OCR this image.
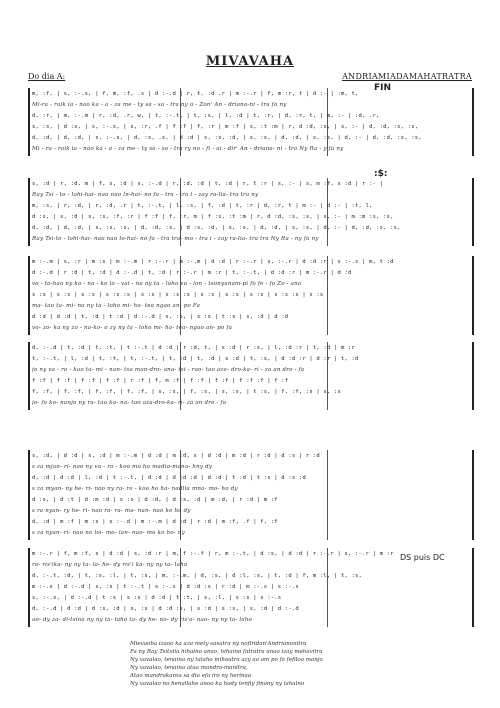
MIVAVAHA
Do dia A:	ANDRIAMIADAMAHATRATRA
FIN
:$:
DS puis DC
m, :f, | s, :-.s, | f, m, :f, .s | d :-.d | r, t, :d .r | m :-.r | f, m :r, t | d :- | :m, t,
Mi-ra - raik ia - nao ka - a - za me - ty sa - sa - tra ny o - Zon' An - driana-ni - tra fa ny
d, :r, | m, :-.m | r, :d, .r, w, | t, :-.t, | t, :s, | l, :d | t, :r, | d, :r, t, | m, :- | :d, .r,
s, :s, | d :s, | s, :-.s, | s, :r, .f | f :f | f, :r | m :f | s, :t :m | r, d :d, :s, | s, :- | d, :d, :s, :s,
d, :d, | d, :d, | s, :-.s, | d, :s, .s, | d :d | s, :s, :d, | s, :s, | d, :d, | s, :s, | d, :- | d, :d, :s, :s,
Mi - ra - raik ia - nao ka - a - za me - ty sa - sa - tra ry no - fi - ai - dir' An - driana- ni - tra Ny Ra - y fa ny
s, :d | r, :d, m | f, s, :d | s, :-.d | r, :d, :d | t, :d | r, t :r | s, :- | s, m :f, s :d | r :- |
Ray Tsi - to - lohi-hai- nao nao ln-hai- no fa - tra - tra i - zay ra-lia- tra tra ny
m, :s, | r, :d, | r, :d, .r | t, :-.t, | l, :s, | f, :d | t, :r | d, :r, t | m :- | d :- | :t, l,
d :s, | s, :d | s, :s, :f, :r | f :f | f, :r, m | f :s, :t :m | r, d :d, :s, :s, | s, :- | m :m :s, :s,
d, :d, | d, :d, | s, :s, :s, | d, :d, :s, | d :s, :d, | s, :s, | d, :d, | s, :s, | d, :- | d, :d, :s, :s,
Ray Tsi-to - lohi-hai- nao nao lo-hai- no fa - tra tra- mo - tra i - zay ra-lia- tra tra Ny Ra - ny fa ny
m :-.m | s, :r | m :s | m :-.m | r :-.r | m :-.m | d :d | r :-.r | s, :-.r | d :d :r | s :-.s | m, t :d
d :-.d | r :d | t, :d | d :-.d | t, :d | r :-.r | m :r | t, :-.t, | d :d :r | m :-.r | d :d
vo - to-hao ny ko - na - ko lo - vai - na ny ta - loho vo - lon - tsonyanam-pi fo fe - fo Zo - ana
s :s | s :s | s :s | s :s :s | s :s | s :s :s | s :s | s :s | s :s | s :s :s | s :s
ma- tao ta- mi- na ny ta - loho mi- ha- tea ngao an- po Fa
d :d | d :d | t, :d | t :d | d :-.d | s, :s, | s :s | t :s | s, :d | d :d
vo- zo- ka ny zo - na-ko- o zy ny ta - loho mi- ha- tea- ngao an- po fa
d, :-.d | t, :d | t, :t, | t :-.t | d :d | r :d, t, | s :d | r :s, | l, :d :r | t, :d | m :r
t, :-.t, | l, :d | t, :t, | t, :-.t, | t, :d | t, :d | s :d | t, :s, | d :d :r | d :r | t, :d
jo ny va - ro - kao ta- mi - nan- tsa man-dro- ana- tsi - rao- tao aza- dro-ka- ri - za an dro - fa
f :f | f :f | f :f | f :f | r :f | f, m :f | f :f | f :f | f :f :f | f :f
f, :f, | f, :f, | f, :f, | f, :f, | s, :s, | f, :s, | s, :s, | t :s, | f, :f, :s | s, :s
jo- fo ko- nanjo ny ra- tao ka- na- tao aza-dro-ka- ri- za an dro - fa
s, :d, | d :d | s, :d | m :-.m | d :d | m :d, s | d :d | m :d | r :d | d :s | r :d
s za mjan- ri- nao ny va - ro - koo mo ho madio-mana- hny dy
d, :d | d :d | l, :d | t :-.t, | d :d | d :d :d | d :d | t :d | t :s | d :s :d
s za myan- ny he- ri- nao ny ra- ro - koo ho ha- nadlia mna- mo- ho dy
d :s, | d :t | d :m :d | s :s | d :d, | d :s, :d | m :d, | r :d | m :f
s ra nyan- ry he- ri- nao ra- ra- ma- nan- nao ko ho dy
d, :d | m :f | m :s | s :-.d | m :-.m | d :d | r :d | m :f, .f | f, :f
s za nyan- ri- nao no loi- mo- lan- nao- mo ko ho- dy
m :-.r | f, m :f, s | d :d | s, :d :r | m, f :-.f | r, m :-.t, | d :s, | d :d | r :-.r | s, :-.r | m :r
ra- ris'ika- ny ny ta- la- he- dy ris'i ka- ny ny ta- laha
d, :-.t, :d, | t, :s, :l, | t, :s, | m, :-.m, | d, :s, | d :l, :s, | t, :d | f, m :l, | t, :s,
m :-.s | d :-.d | s, :s | t :-.t | s :-.s | d :d :s | r :d | m :-.s | s :-.s
s, :-.s, | d :-.d | t :s | s :s | d :d | t :t, | s, :l, | s :s | s :-.s
d, :-.d | d :d | d :s, :d | s, :s | d :d :s, | s :d | s :s, | s, :d | d :-.d
ao- dy za- di-tsina ny ny ta- laho ta- dy he- no- dy ris'a- nao- ny ny ta- laho
Mievaoba izaoo ka aza mety sasatra ny nofiridan'Andrianonitra
Fa ny Ray Tsitolia hihaino anao, hihaino fatratra anao izay mehavitra
Ny vavalao, tenaina ny talaho mihoatra azy ao am po fa fefiloa manjo
Ny vavalao, tenaina ataa mandra-manitra,
Atao mandrakaroa sa dia efa iro ny herinao
Ny vavalao no henallahe anoo ka hody tenfiy finony ny lahalno
